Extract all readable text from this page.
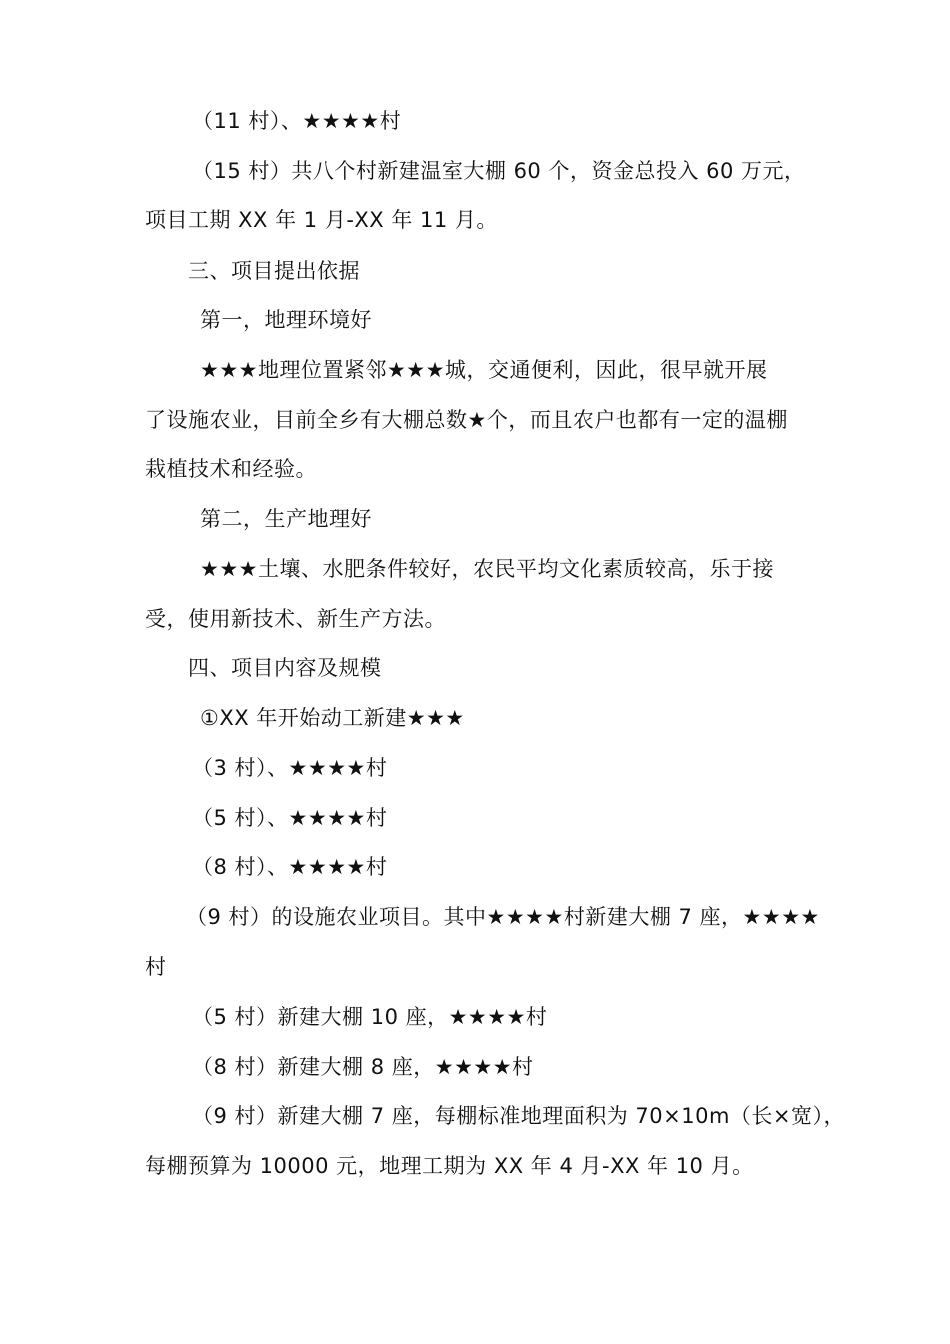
（11 村）、★★★★村
（15 村）共八个村新建温室大棚 60 个，资金总投入 60 万元，
项目工期 XX 年 1 月-XX 年 11 月。
三、项目提出依据
第一，地理环境好
★★★地理位置紧邻★★★城，交通便利，因此，很早就开展
了设施农业，目前全乡有大棚总数★个，而且农户也都有一定的温棚
栽植技术和经验。
第二，生产地理好
★★★土壤、水肥条件较好，农民平均文化素质较高，乐于接
受，使用新技术、新生产方法。
四、项目内容及规模
①XX 年开始动工新建★★★
（3 村）、★★★★村
（5 村）、★★★★村
（8 村）、★★★★村
（9 村）的设施农业项目。其中★★★★村新建大棚 7 座，★★★★
村
（5 村）新建大棚 10 座，★★★★村
（8 村）新建大棚 8 座，★★★★村
（9 村）新建大棚 7 座，每棚标准地理面积为 70×10m（长×宽），
每棚预算为 10000 元，地理工期为 XX 年 4 月-XX 年 10 月。
